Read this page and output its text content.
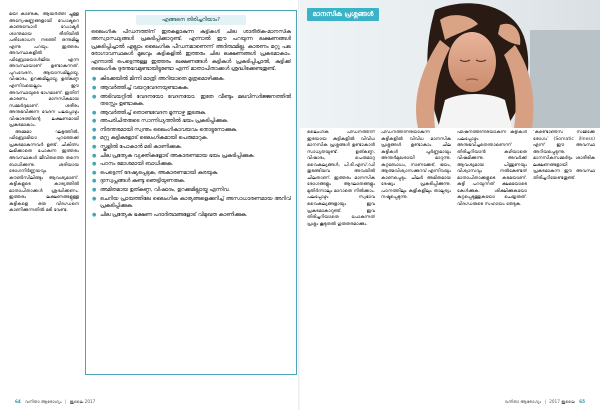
മയി കാണുക, ആയർത്തി ച്ചുള്ള അന്വേഷണ്ണങ്ങളായി ഡോക്ടറെ കാണുമ്പോൾ ഡോക്ടർ ശാന്തമായ രീതിയിൽ പരിശോധന നടത്തി ഒന്നുമില്ല എന്നു പറയും. ഇത്തരം അവസ്ഥകളിൽ ഫിബ്രോമയാൾജിയ എന്ന അവസ്ഥയാണ് ഉണ്ടാകുന്നത്. പുറംവേദന, ആയാസമില്ലായ്മ, വിഷാദം, ഉറക്കമില്ലായ്മ, ഉത്കണ്ഠ എന്നിവയെല്ലാം ഈ അവസ്ഥയുടെ ഭാഗമാണ്. ഇതിന് കാരണം മാനസികമായ സമ്മർദ്ദമാണ്. ശരീരം അനുഭവിക്കുന്ന വേദന പലപ്പോഴും വിഷാദത്തിന്റെ ലക്ഷണമായി പ്രകടമാകാം.

അമ്മമാ ഘട്ടത്തിൽ, ഫിബ്രോമിയാ പുറത്തേക്ക് പ്രകടമാകുന്നവർ ഉണ്ട്. ചികിത്സ ലഭിക്കാതെ പോകുന്ന ഇത്തരം അവസ്ഥകൾ ജീവിതത്തെ തന്നെ ബാധിക്കുന്നു. ശരിയായ രോഗനിർണ്ണയവും കൗൺസിലിങ്ങും ആവശ്യമാണ്. കുട്ടികളുടെ കാര്യത്തിൽ മാതാപിതാക്കൾ ശ്രദ്ധിക്കണം. ഇത്തരം ലക്ഷണങ്ങളുള്ള കുട്ടികളെ ഒരു വിദഗ്ധനെ കാണിക്കുന്നതിൽ മടി വേണ്ട.

എങ്ങനെ തിരിച്ചറിയാം?

ലൈംഗിക പീഡനത്തിന് ഇരകളാകുന്ന കുട്ടികൾ ചില ശാരീരിക-മാനസിക അസ്വാസ്ഥ്യങ്ങൾ പ്രകടിപ്പിക്കാറുണ്ട്. എന്നാൽ ഈ പറയുന്ന ലക്ഷണങ്ങൾ പ്രകടിപ്പിച്ചാൽ എല്ലാം ലൈംഗിക പീഡനമാണെന്ന് അർത്ഥമില്ല. കാരണം മറ്റു പല രോഗാവസ്ഥകൾ മൂലവും കുട്ടികളിൽ ഇത്തരം ചില ലക്ഷണങ്ങൾ പ്രകടമാകാം. എന്നാൽ പെട്ടെന്നുള്ള ഇത്തരം ലക്ഷണങ്ങൾ കുട്ടികൾ പ്രകടിപ്പിച്ചാൽ, കുട്ടിക്ക് ലൈംഗിക ദുരനുഭവമുണ്ടായിട്ടുണ്ടോ എന്ന് മാതാപിതാക്കൾ ശ്രദ്ധിക്കേണ്ടതുണ്ട്.

● കിടക്കയിൽ മിന്നി മാത്രി അറിയാതെ മൂത്രമൊഴിക്കുക.
● ആവർത്തിച്ച് വയറുവേദനയുണ്ടാകുക.
● അടിവയറ്റിൽ വേദനയോ വേദനയോ. ഇതേ വീണ്ടും മലവിസർജ്ജനത്തിൽ തടസ്സം ഉണ്ടാകുക.
● ആവർത്തിച്ച് തൊണ്ടവേദന മൂന്നാഴ്ച തുടരുക.
● അപരിചിതരുടെ സാന്നിധ്യത്തിൽ ഭയം പ്രകടിപ്പിക്കുക.
● നിരന്തരമായി സ്വന്തം ലൈംഗികാവയവം തൊട്ടുനോക്കുക.
● മറ്റു കുട്ടികളോട് ലൈംഗികമായി പെരുമാറുക.
● സ്കൂളിൽ പോകാൻ മടി കാണിക്കുക.
● ചില പ്രത്യേക വ്യക്തികളോട് അകാരണമായ ഭയം പ്രകടിപ്പിക്കുക.
● പഠനം മോശമായി ബാധിക്കുക.
● പെട്ടെന്ന് ദേഷ്യപ്പെടുക, അകാരണമായി കരയുക.
● ദുഃസ്വപ്നങ്ങൾ കണ്ടു ഞെട്ടിയുണരുക.
● അമിതമായ ഉത്കണ്ഠ, വിഷാദം, ഉറക്കമില്ലായ്മ എന്നിവ.
● ചെറിയ പ്രായത്തിലേ ലൈംഗിക കാര്യങ്ങളെക്കുറിച്ച് അസാധാരണമായ അറിവ് പ്രകടിപ്പിക്കുക.
● ചില പ്രത്യേക ഭക്ഷണ പദാർത്ഥങ്ങളോട് വിമുഖത കാണിക്കുക.
64 വനിതാ ആരോഗ്യം | ജൂലൈ 2017
മാനസിക പ്രശ്നങ്ങൾ

ലൈംഗിക പീഡനത്തിന് ഇരയായ കുട്ടികളിൽ വിവിധ മാനസിക പ്രശ്നങ്ങൾ ഉണ്ടാകാൻ സാധ്യതയുണ്ട്. ഉത്കണ്ഠ, വിഷാദം, പെരുമാറ്റ വൈകല്യങ്ങൾ, പി.ടി.എസ്.ഡി തുടങ്ങിയവ അവയിൽ ചിലതാണ്. ഇത്തരം മാനസിക രോഗങ്ങളും ആഘാതങ്ങളും മുതിർന്നാലും മാറാതെ നിൽക്കാം. പലപ്പോഴും സ്വഭാവ വൈകല്യങ്ങളായും ഇവ പ്രകടമാകാറുണ്ട്. ഇവ തിരിച്ചറിയാതെ പോകുന്നത് പ്രശ്നം കൂടുതൽ ഗുരുതരമാക്കും.

പീഡനത്തിനിരയാകുന്ന കുട്ടികളിൽ വിവിധ മാനസിക പ്രശ്നങ്ങൾ ഉണ്ടാകാം. ചില കുട്ടികൾ പൂർണ്ണമായും അന്തർമുഖരായി മാറുന്നു. കുറ്റബോധം, നാണക്കേട്, ഭയം, ആത്മവിശ്വാസക്കുറവ് എന്നിവയും കാണപ്പെടും. ചിലർ അമിതമായ ദേഷ്യം പ്രകടിപ്പിക്കുന്നു. പഠനത്തിലും കളികളിലും താല്പര്യം നഷ്ടപ്പെടുന്നു.

ഫിഷനത്തിനിരയാകുന്ന കുട്ടികൾ പലപ്പോഴും അനുഭവിച്ചതെന്താണെന്ന് തിരിച്ചറിയാൻ കഴിയാതെ വിഷമിക്കുന്നു. അവർക്ക് ആവശ്യമായ പിന്തുണയും വിശ്വാസവും നൽകേണ്ടത് മാതാപിതാക്കളുടെ കടമയാണ്. കുട്ടി പറയുന്നത് ക്ഷമയോടെ കേൾക്കുക. ശിക്ഷിക്കുകയോ കുറ്റപ്പെടുത്തുകയോ ചെയ്യരുത്. വിദഗ്ധരുടെ സഹായം തേടുക.

‘കണ്ടൊൺസ സജിക്കേ രോഗം’ (Somatic illness) എന്ന് ഈ അവസ്ഥ അറിയപ്പെടുന്നു. മാനസികസമ്മർദ്ദം ശാരീരിക ലക്ഷണങ്ങളായി പ്രകടമാകുന്ന ഈ അവസ്ഥ തിരിച്ചറിയേണ്ടതുണ്ട്.

വനിതാ ആരോഗ്യം | 2017 ജൂലൈ 65
